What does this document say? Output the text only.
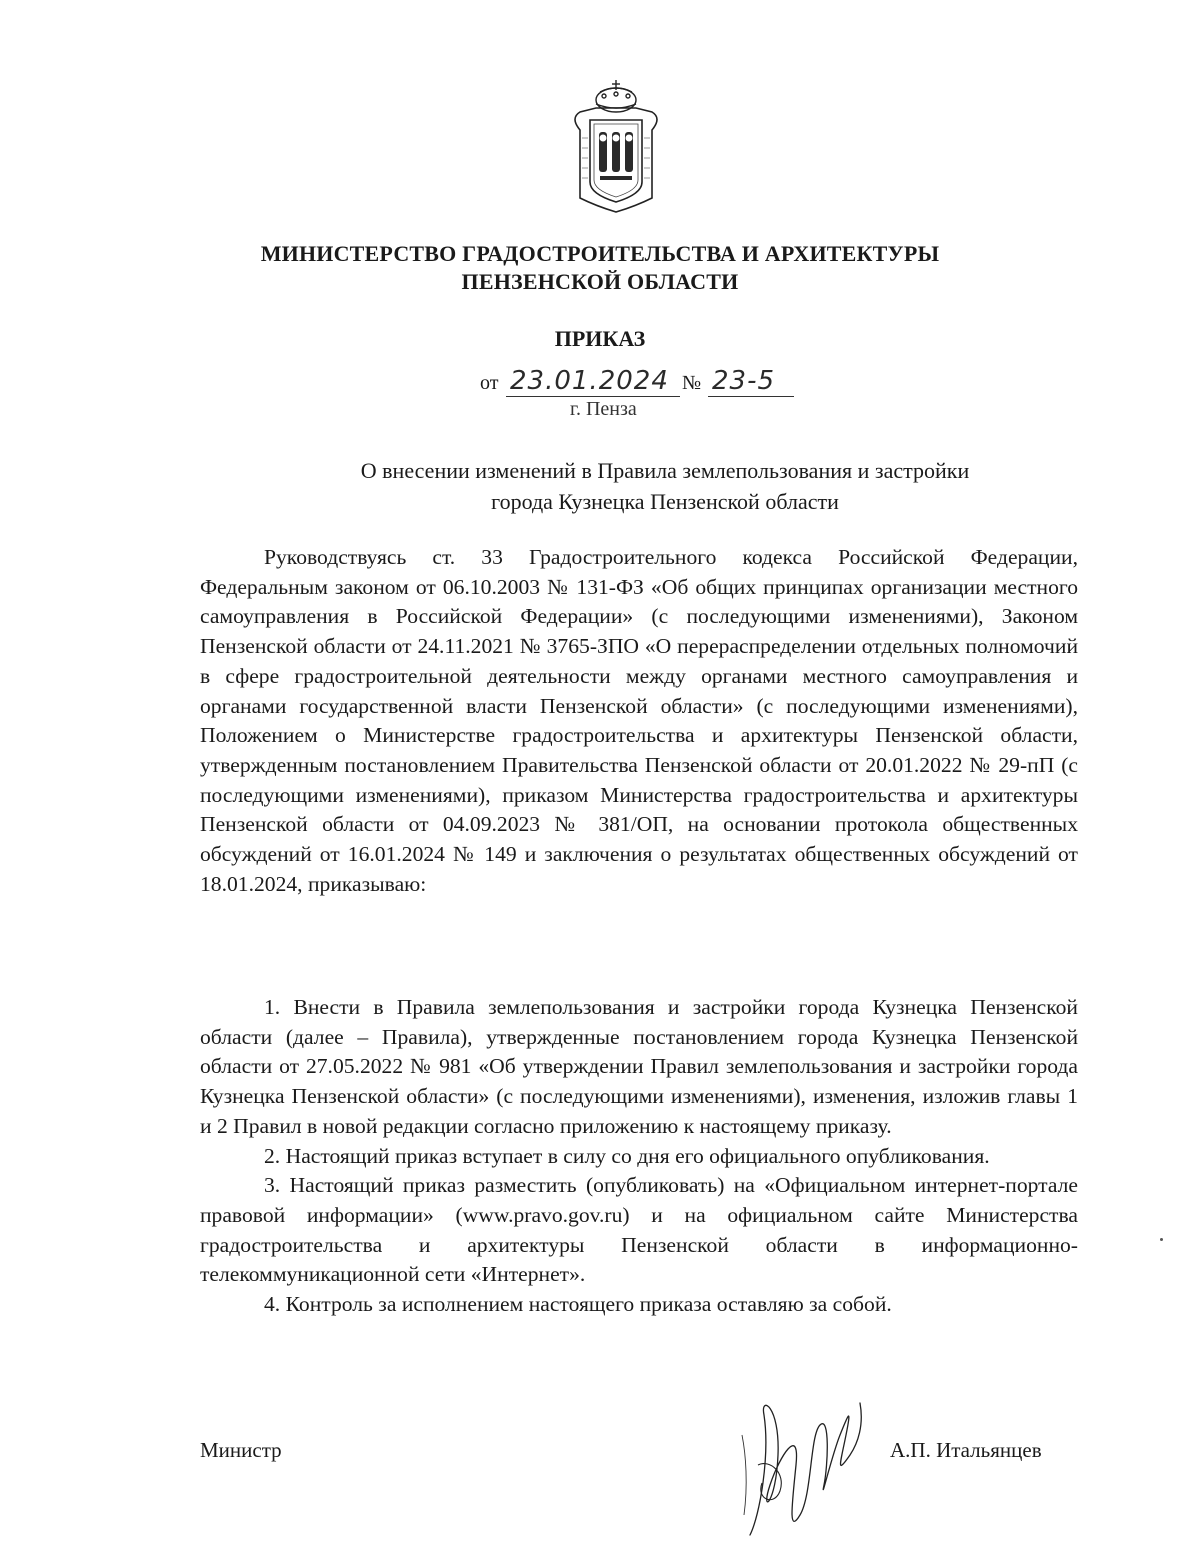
МИНИСТЕРСТВО ГРАДОСТРОИТЕЛЬСТВА И АРХИТЕКТУРЫ
ПЕНЗЕНСКОЙ ОБЛАСТИ
ПРИКАЗ
от 23.01.2024 № 23-5
г. Пенза
О внесении изменений в Правила землепользования и застройки
города Кузнецка Пензенской области

Руководствуясь ст. 33 Градостроительного кодекса Российской Федерации, Федеральным законом от 06.10.2003 № 131-ФЗ «Об общих принципах организации местного самоуправления в Российской Федерации» (с последующими изменениями), Законом Пензенской области от 24.11.2021 № 3765-ЗПО «О перераспределении отдельных полномочий в сфере градостроительной деятельности между органами местного самоуправления и органами государственной власти Пензенской области» (с последующими изменениями), Положением о Министерстве градостроительства и архитектуры Пензенской области, утвержденным постановлением Правительства Пензенской области от 20.01.2022 № 29-пП (с последующими изменениями), приказом Министерства градостроительства и архитектуры Пензенской области от 04.09.2023 № 381/ОП, на основании протокола общественных обсуждений от 16.01.2024 № 149 и заключения о результатах общественных обсуждений от 18.01.2024, приказываю:

1. Внести в Правила землепользования и застройки города Кузнецка Пензенской области (далее – Правила), утвержденные постановлением города Кузнецка Пензенской области от 27.05.2022 № 981 «Об утверждении Правил землепользования и застройки города Кузнецка Пензенской области» (с последующими изменениями), изменения, изложив главы 1 и 2 Правил в новой редакции согласно приложению к настоящему приказу.

2. Настоящий приказ вступает в силу со дня его официального опубликования.

3. Настоящий приказ разместить (опубликовать) на «Официальном интернет-портале правовой информации» (www.pravo.gov.ru) и на официальном сайте Министерства градостроительства и архитектуры Пензенской области в информационно-телекоммуникационной сети «Интернет».

4. Контроль за исполнением настоящего приказа оставляю за собой.

Министр	А.П. Итальянцев
